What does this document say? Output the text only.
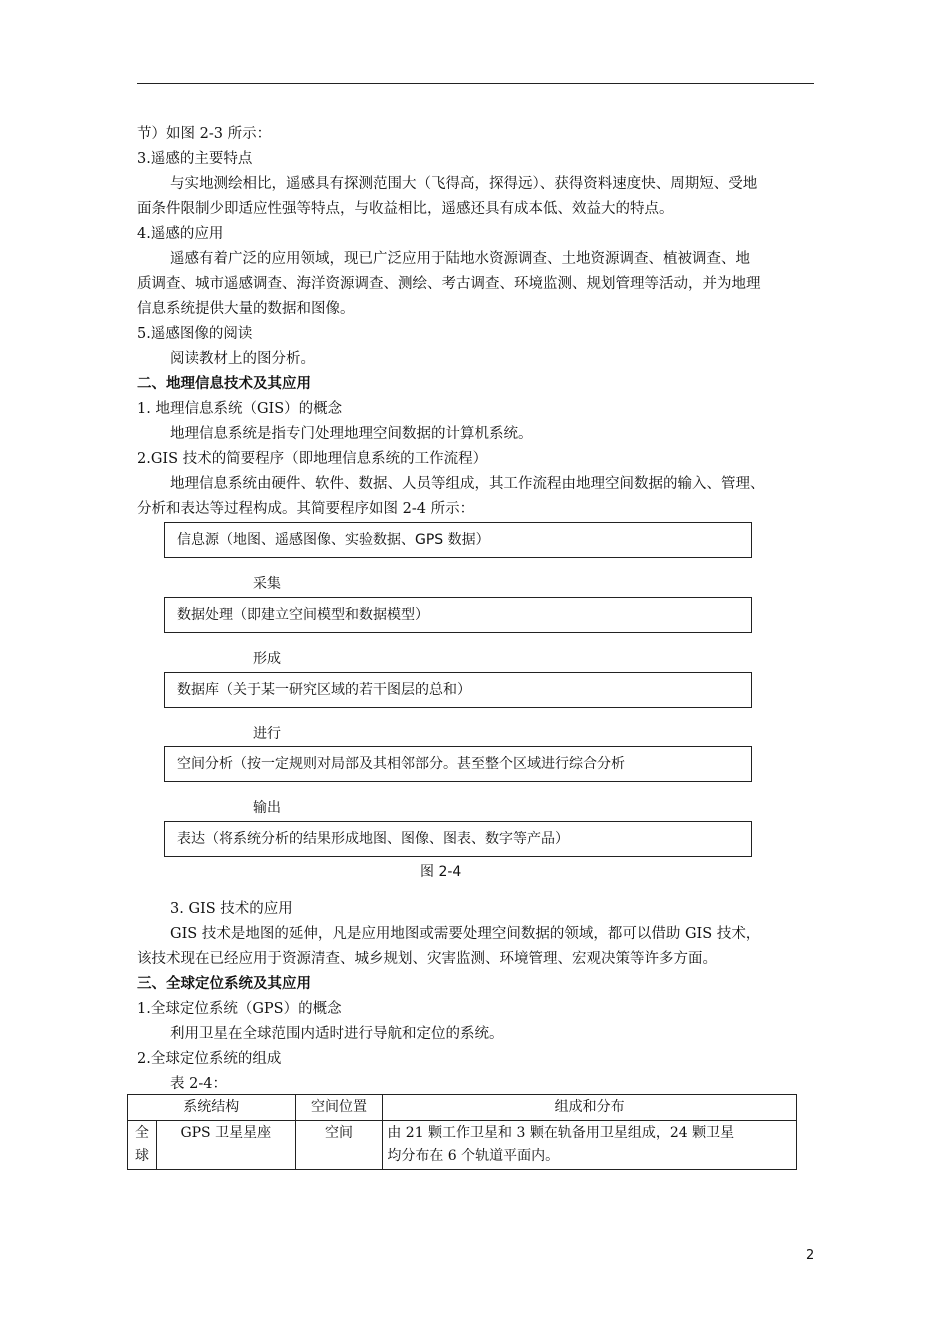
节）如图 2-3 所示：
3.遥感的主要特点
与实地测绘相比，遥感具有探测范围大（飞得高，探得远）、获得资料速度快、周期短、受地
面条件限制少即适应性强等特点，与收益相比，遥感还具有成本低、效益大的特点。
4.遥感的应用
遥感有着广泛的应用领域，现已广泛应用于陆地水资源调查、土地资源调查、植被调查、地
质调查、城市遥感调查、海洋资源调查、测绘、考古调查、环境监测、规划管理等活动，并为地理
信息系统提供大量的数据和图像。
5.遥感图像的阅读
阅读教材上的图分析。
二、地理信息技术及其应用
1. 地理信息系统（GIS）的概念
地理信息系统是指专门处理地理空间数据的计算机系统。
2.GIS 技术的简要程序（即地理信息系统的工作流程）
地理信息系统由硬件、软件、数据、人员等组成，其工作流程由地理空间数据的输入、管理、
分析和表达等过程构成。其简要程序如图 2-4 所示：
信息源（地图、遥感图像、实验数据、GPS 数据）
采集
数据处理（即建立空间模型和数据模型）
形成
数据库（关于某一研究区域的若干图层的总和）
进行
空间分析（按一定规则对局部及其相邻部分。甚至整个区域进行综合分析
输出
表达（将系统分析的结果形成地图、图像、图表、数字等产品）
图 2-4
3. GIS 技术的应用
GIS 技术是地图的延伸，凡是应用地图或需要处理空间数据的领域，都可以借助 GIS 技术，
该技术现在已经应用于资源清查、城乡规划、灾害监测、环境管理、宏观决策等许多方面。
三、全球定位系统及其应用
1.全球定位系统（GPS）的概念
利用卫星在全球范围内适时进行导航和定位的系统。
2.全球定位系统的组成
表 2-4：
系统结构		空间位置	组成和分布
全球	GPS 卫星星座	空间	由 21 颗工作卫星和 3 颗在轨备用卫星组成，24 颗卫星
均分布在 6 个轨道平面内。
2
